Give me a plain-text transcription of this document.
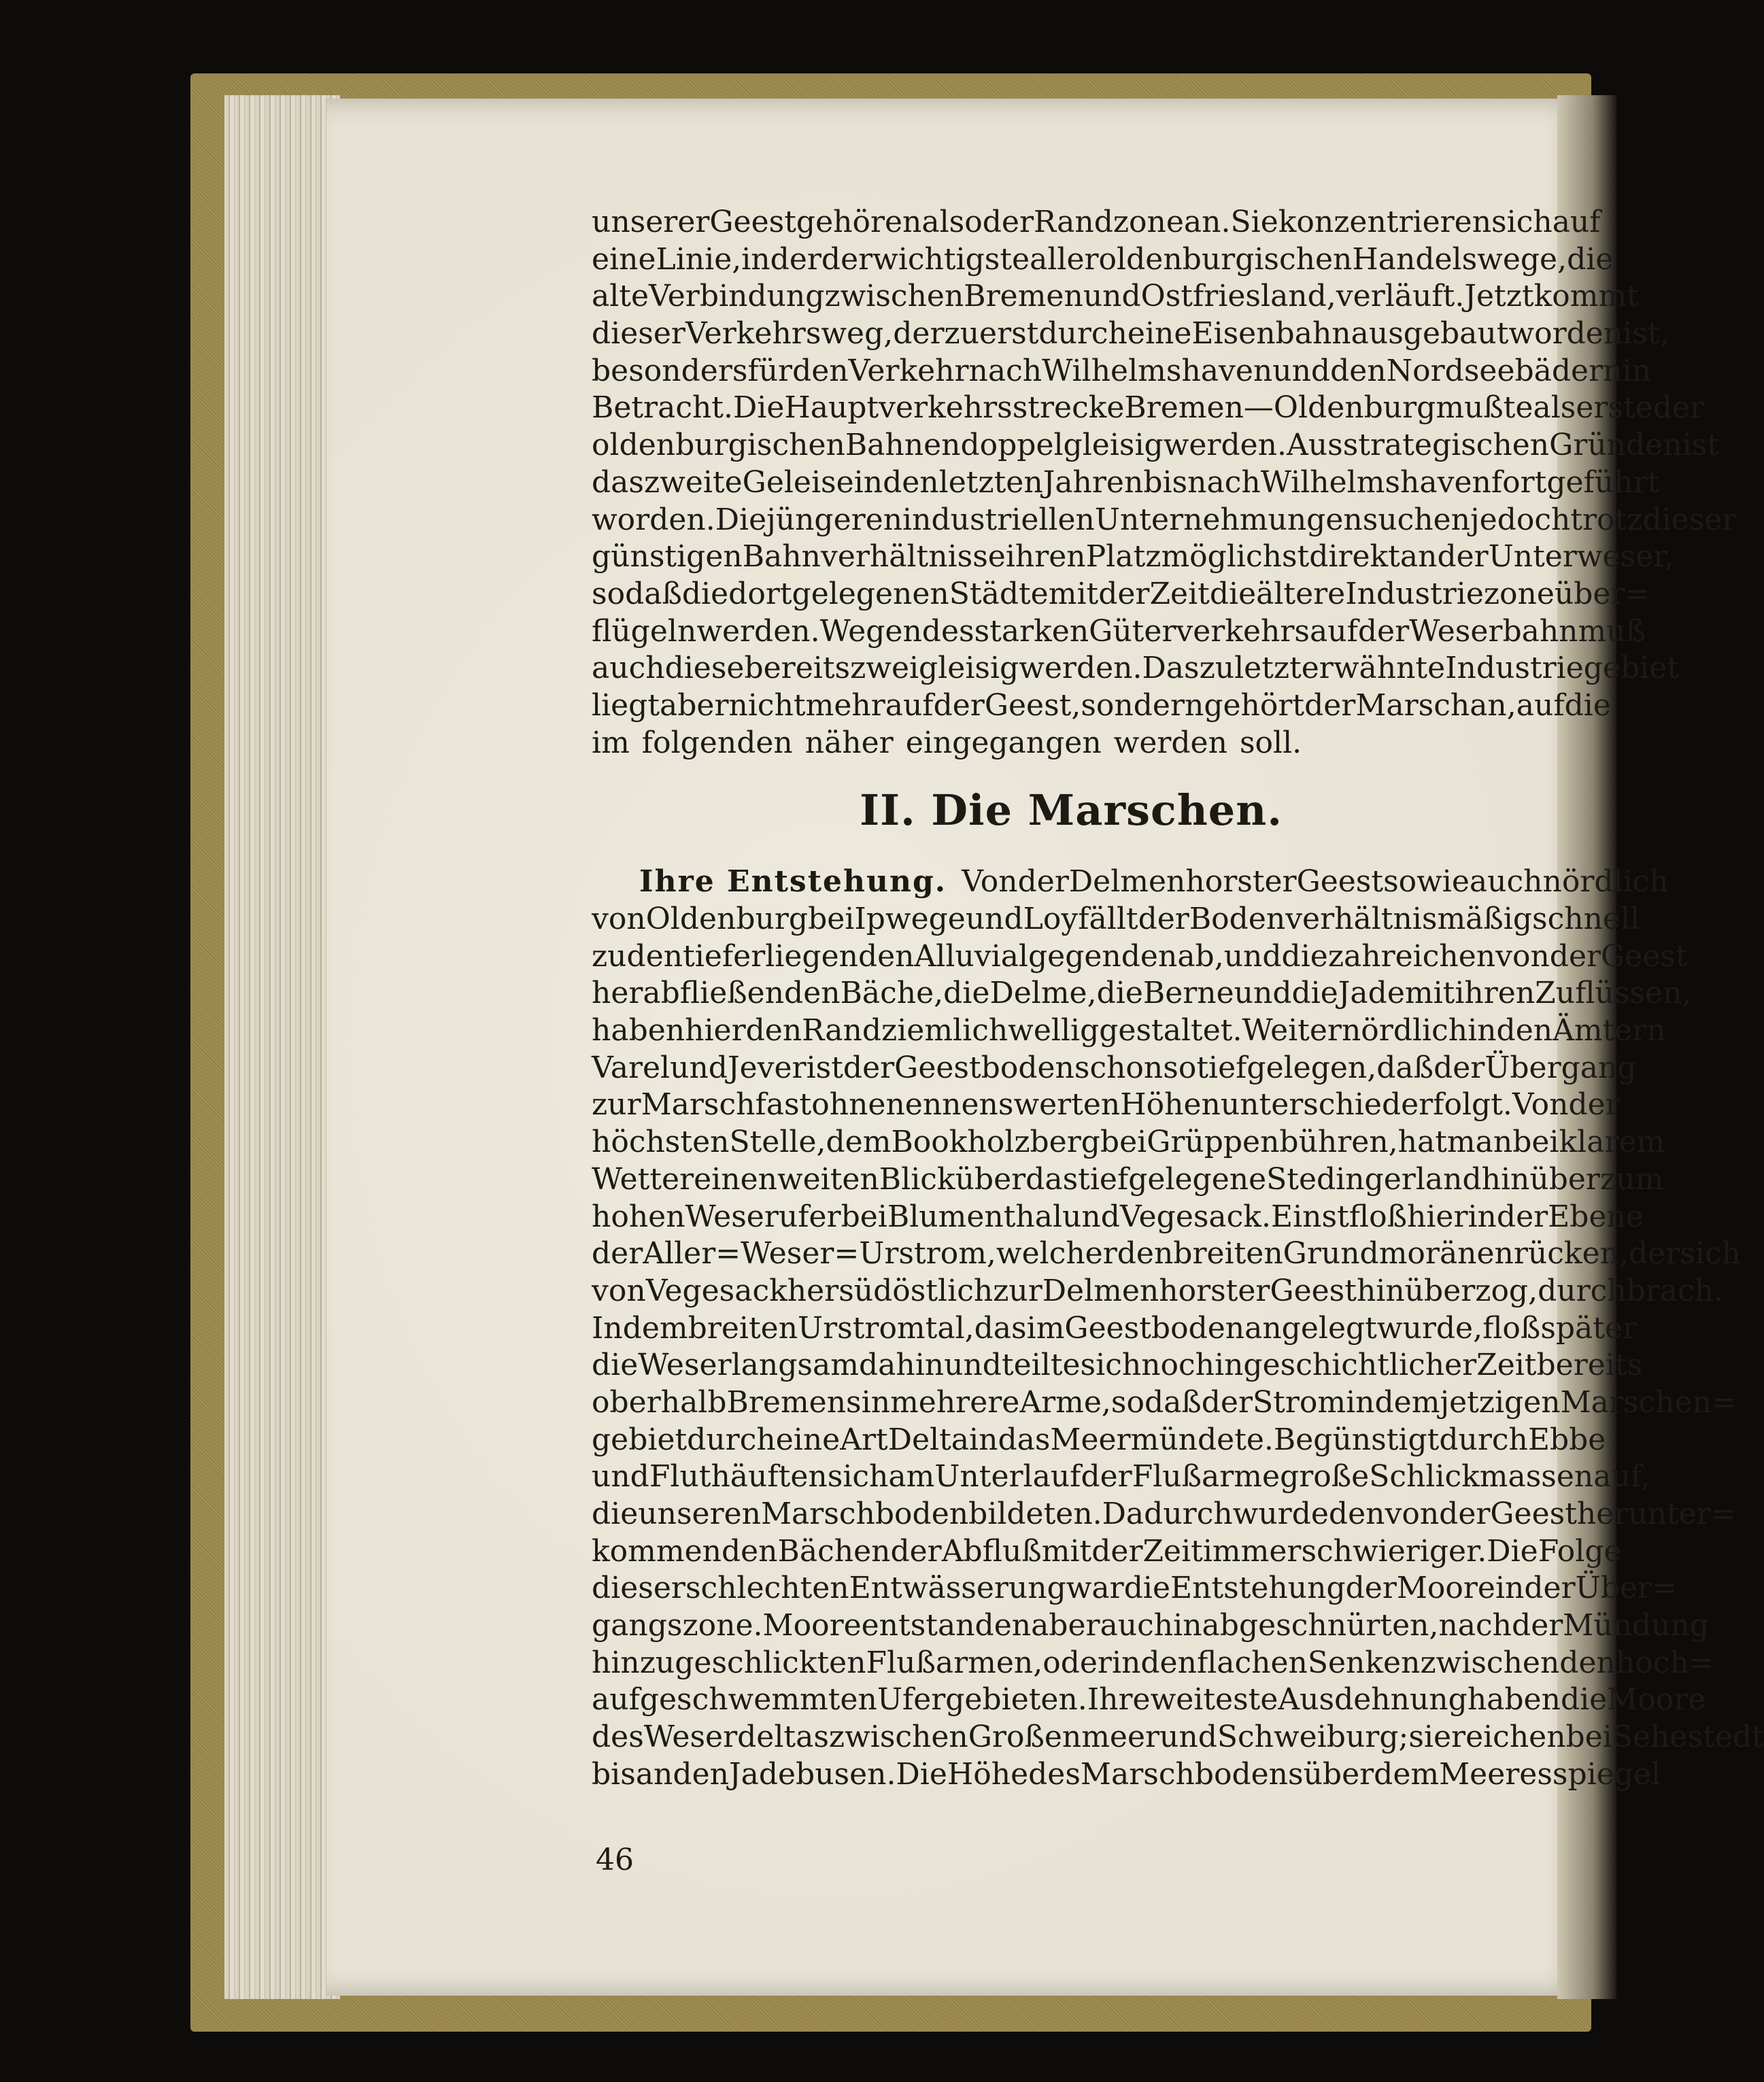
unserer Geest gehören also der Randzone an. Sie konzentrieren sich auf
eine Linie, in der der wichtigste aller oldenburgischen Handelswege, die
alte Verbindung zwischen Bremen und Ostfriesland, verläuft. Jetzt kommt
dieser Verkehrsweg, der zuerst durch eine Eisenbahn ausgebaut worden ist,
besonders für den Verkehr nach Wilhelmshaven und den Nordseebädern in
Betracht. Die Hauptverkehrsstrecke Bremen—Oldenburg mußte als erste der
oldenburgischen Bahnen doppelgleisig werden. Aus strategischen Gründen ist
das zweite Geleise in den letzten Jahren bis nach Wilhelmshaven fortgeführt
worden. Die jüngeren industriellen Unternehmungen suchen jedoch trotz dieser
günstigen Bahnverhältnisse ihren Platz möglichst direkt an der Unterweser,
so daß die dort gelegenen Städte mit der Zeit die ältere Industriezone über=
flügeln werden. Wegen des starken Güterverkehrs auf der Weserbahn muß
auch diese bereits zweigleisig werden. Das zuletzt erwähnte Industriegebiet
liegt aber nicht mehr auf der Geest, sondern gehört der Marsch an, auf die
im folgenden näher eingegangen werden soll.
II. Die Marschen.
Ihre Entstehung. Von der Delmenhorster Geest sowie auch nördlich
von Oldenburg bei Ipwege und Loy fällt der Boden verhältnismäßig schnell
zu den tiefer liegenden Alluvialgegenden ab, und die zahreichen von der Geest
herabfließenden Bäche, die Delme, die Berne und die Jade mit ihren Zuflüssen,
haben hier den Rand ziemlich wellig gestaltet. Weiter nördlich in den Ämtern
Varel und Jever ist der Geestboden schon so tief gelegen, daß der Übergang
zur Marsch fast ohne nennenswerten Höhenunterschied erfolgt. Von der
höchsten Stelle, dem Bookholzberg bei Grüppenbühren, hat man bei klarem
Wetter einen weiten Blick über das tief gelegene Stedingerland hinüber zum
hohen Weserufer bei Blumenthal und Vegesack. Einst floß hier in der Ebene
der Aller=Weser=Urstrom, welcher den breiten Grundmoränenrücken, der sich
von Vegesack her südöstlich zur Delmenhorster Geest hinüberzog, durchbrach.
In dem breiten Urstromtal, das im Geestboden angelegt wurde, floß später
die Weser langsam dahin und teilte sich noch in geschichtlicher Zeit bereits
oberhalb Bremens in mehrere Arme, so daß der Strom in dem jetzigen Marschen=
gebiet durch eine Art Delta in das Meer mündete. Begünstigt durch Ebbe
und Flut häuften sich am Unterlauf der Flußarme große Schlickmassen auf,
die unseren Marschboden bildeten. Dadurch wurde den von der Geest herunter=
kommenden Bächen der Abfluß mit der Zeit immer schwieriger. Die Folge
dieser schlechten Entwässerung war die Entstehung der Moore in der Über=
gangszone. Moore entstanden aber auch in abgeschnürten, nach der Mündung
hin zugeschlickten Flußarmen, oder in den flachen Senken zwischen den hoch=
aufgeschwemmten Ufergebieten. Ihre weiteste Ausdehnung haben die Moore
des Weserdeltas zwischen Großenmeer und Schweiburg; sie reichen bei Sehestedt
bis an den Jadebusen. Die Höhe des Marschbodens über dem Meeresspiegel
46
